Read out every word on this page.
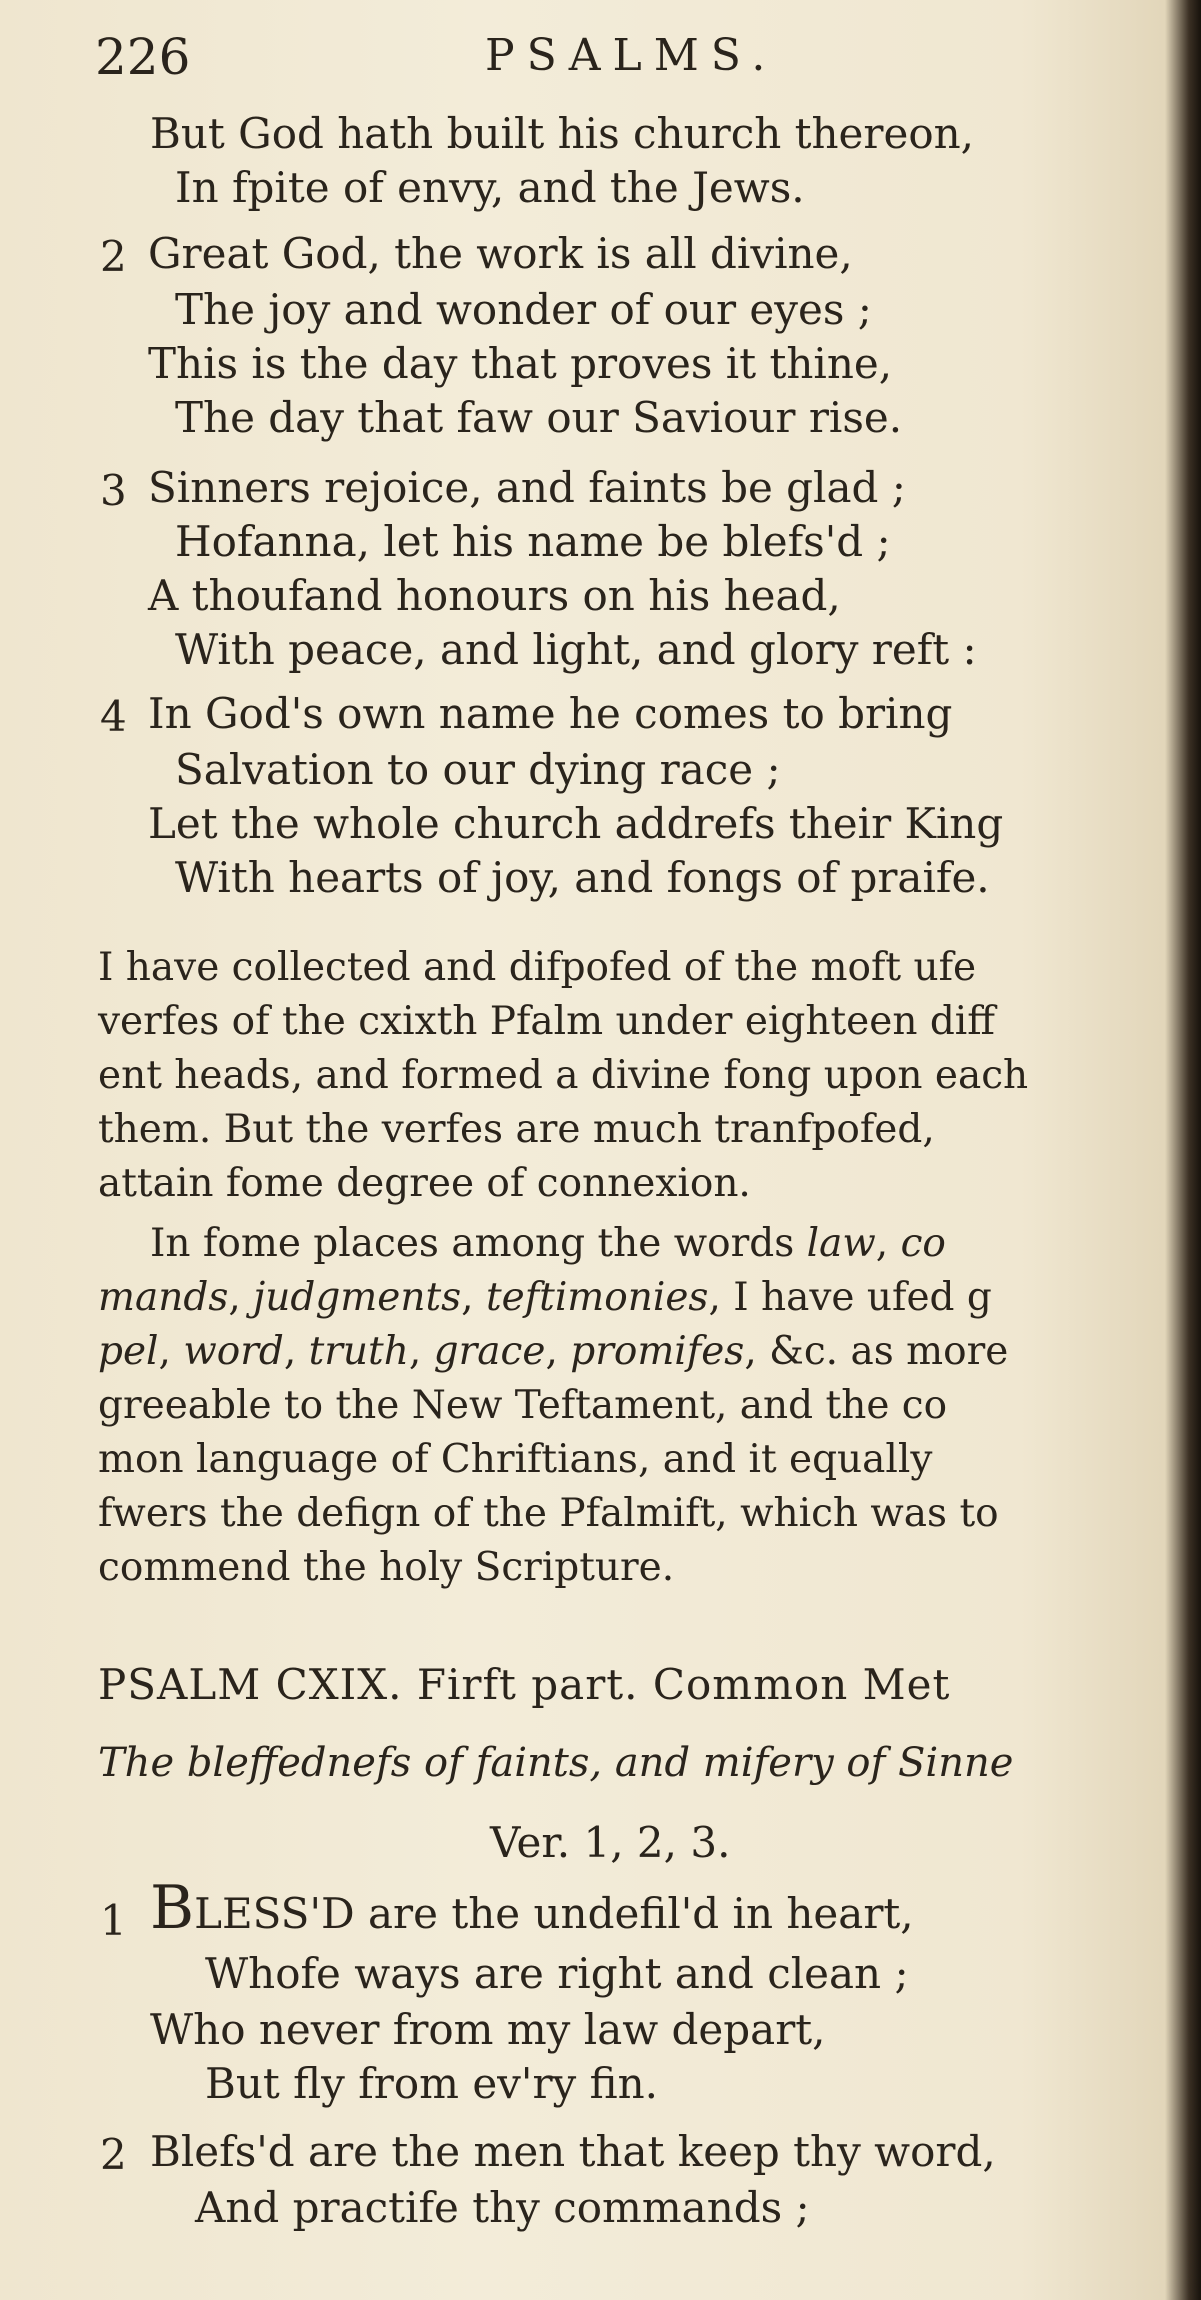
226	PSALMS.
But God hath built his church thereon,
In fpite of envy, and the Jews.
2 Great God, the work is all divine,
The joy and wonder of our eyes ;
This is the day that proves it thine,
The day that faw our Saviour rise.
3 Sinners rejoice, and faints be glad ;
Hofanna, let his name be blefs'd ;
A thoufand honours on his head,
With peace, and light, and glory reft :
4 In God's own name he comes to bring
Salvation to our dying race ;
Let the whole church addrefs their King
With hearts of joy, and fongs of praife.
I have collected and difpofed of the moft ufe
verfes of the cxixth Pfalm under eighteen diff
ent heads, and formed a divine fong upon each
them. But the verfes are much tranfpofed,
attain fome degree of connexion.
In fome places among the words law, co
mands, judgments, teftimonies, I have ufed g
pel, word, truth, grace, promifes, &c. as more
greeable to the New Teftament, and the co
mon language of Chriftians, and it equally
fwers the defign of the Pfalmift, which was to
commend the holy Scripture.
PSALM CXIX. Firft part. Common Met
The bleffednefs of faints, and mifery of Sinne
Ver. 1, 2, 3.
1 BLESS'D are the undefil'd in heart,
Whofe ways are right and clean ;
Who never from my law depart,
But fly from ev'ry fin.
2 Blefs'd are the men that keep thy word,
And practife thy commands ;
